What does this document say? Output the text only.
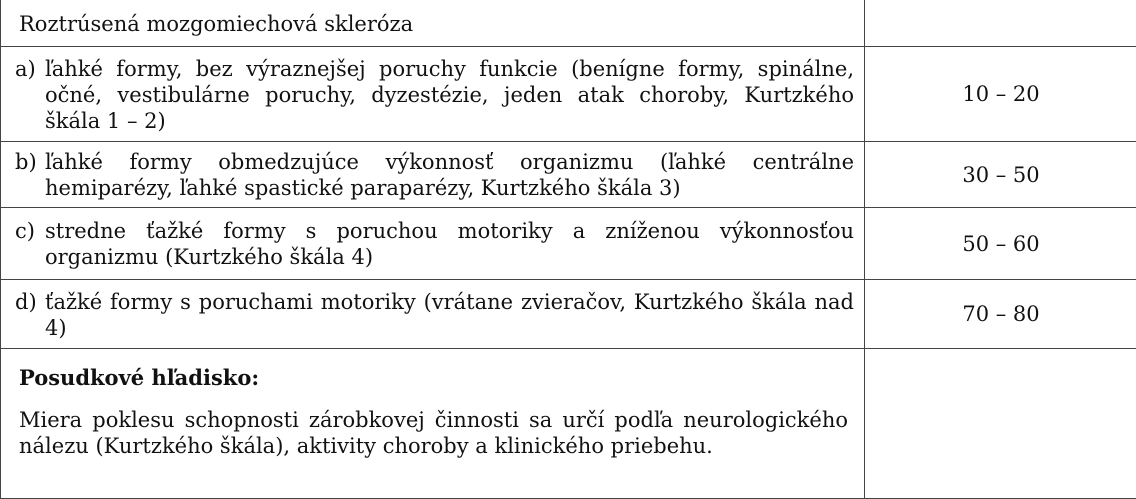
Roztrúsená mozgomiechová skleróza	

a) ľahké formy, bez výraznejšej poruchy funkcie (benígne formy, spinálne, očné, vestibulárne poruchy, dyzestézie, jeden atak choroby, Kurtzkého škála 1 – 2)	10 – 20

b) ľahké formy obmedzujúce výkonnosť organizmu (ľahké centrálne hemiparézy, ľahké spastické paraparézy, Kurtzkého škála 3)	30 – 50

c) stredne ťažké formy s poruchou motoriky a zníženou výkonnosťou organizmu (Kurtzkého škála 4)	50 – 60

d) ťažké formy s poruchami motoriky (vrátane zvieračov, Kurtzkého škála nad 4)	70 – 80

Posudkové hľadisko:
Miera poklesu schopnosti zárobkovej činnosti sa určí podľa neurologického nálezu (Kurtzkého škála), aktivity choroby a klinického priebehu.	
